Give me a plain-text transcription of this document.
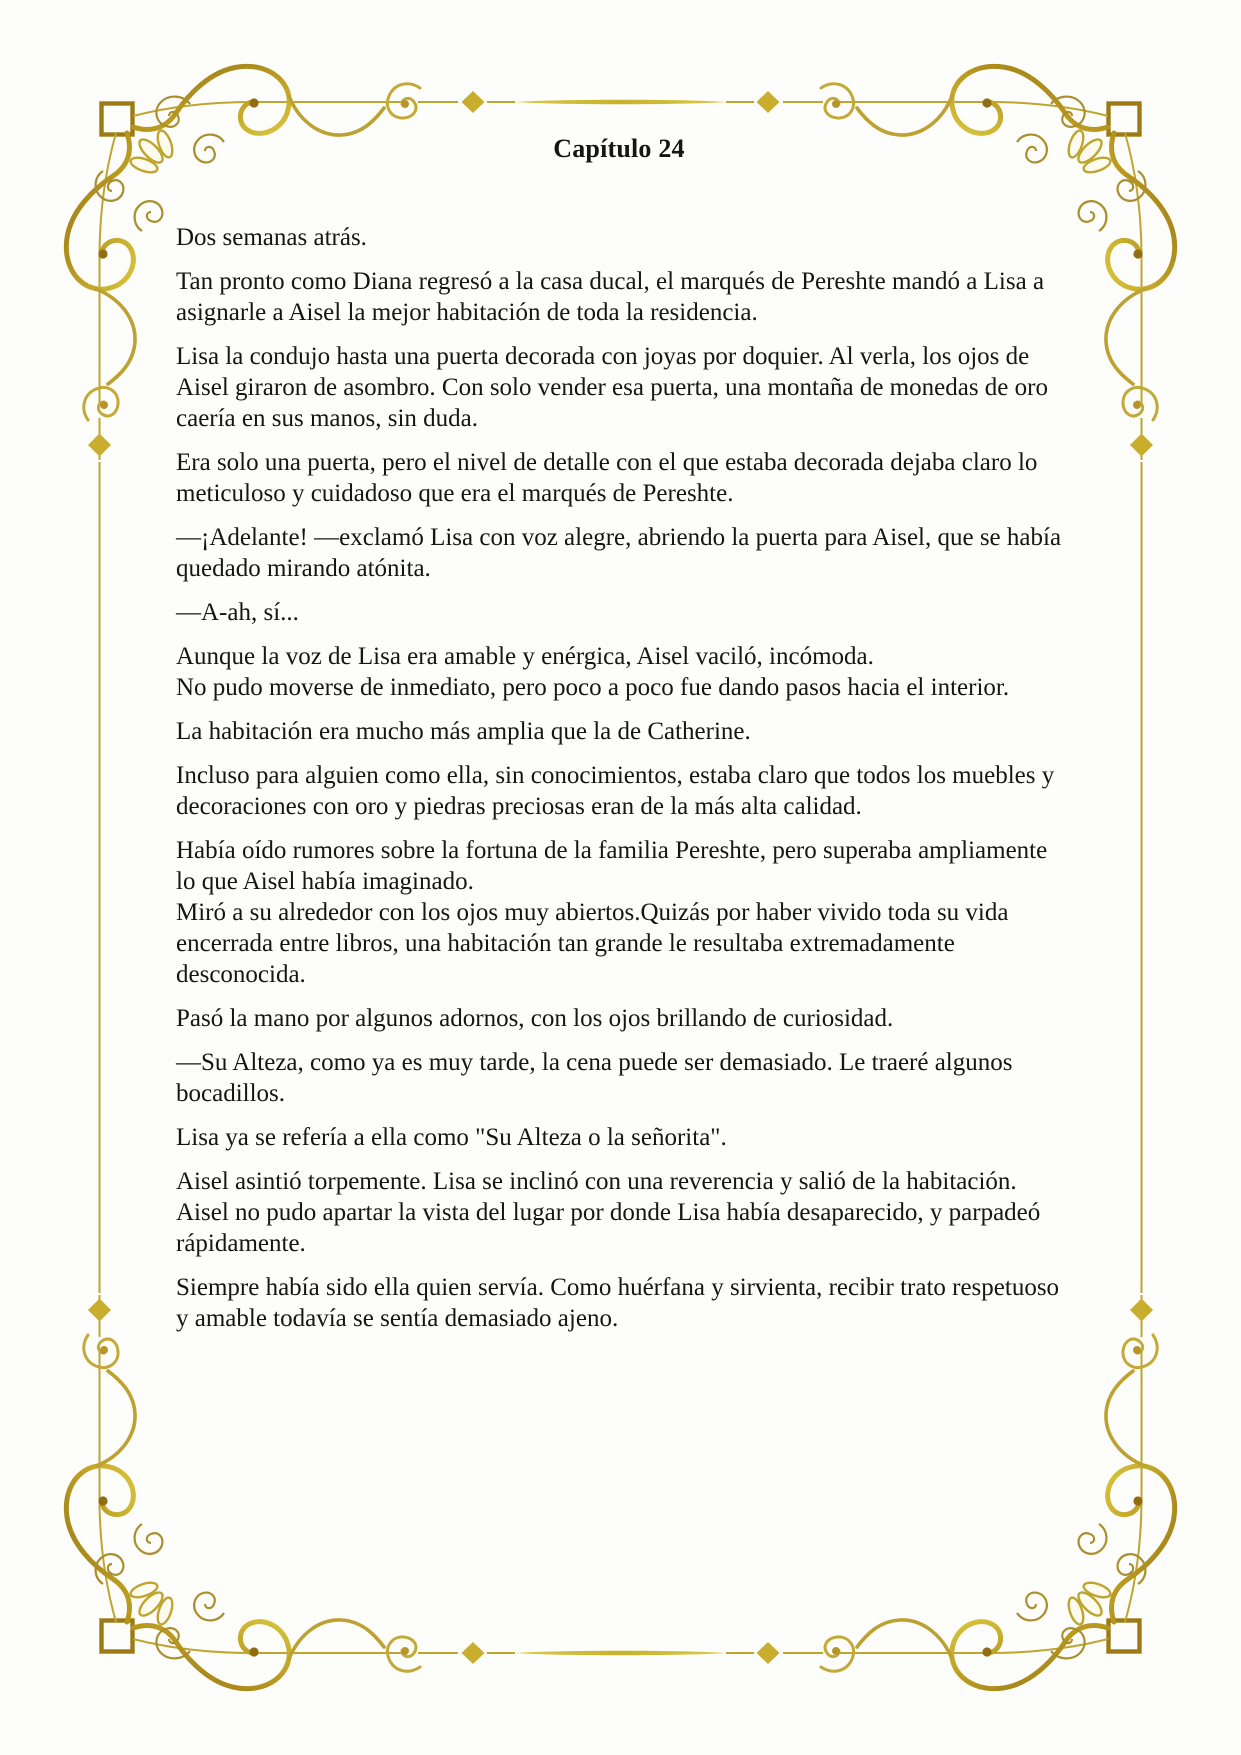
Capítulo 24

Dos semanas atrás.

Tan pronto como Diana regresó a la casa ducal, el marqués de Pereshte mandó a Lisa a asignarle a Aisel la mejor habitación de toda la residencia.

Lisa la condujo hasta una puerta decorada con joyas por doquier. Al verla, los ojos de Aisel giraron de asombro. Con solo vender esa puerta, una montaña de monedas de oro caería en sus manos, sin duda.

Era solo una puerta, pero el nivel de detalle con el que estaba decorada dejaba claro lo meticuloso y cuidadoso que era el marqués de Pereshte.

—¡Adelante! —exclamó Lisa con voz alegre, abriendo la puerta para Aisel, que se había quedado mirando atónita.

—A-ah, sí...

Aunque la voz de Lisa era amable y enérgica, Aisel vaciló, incómoda.
No pudo moverse de inmediato, pero poco a poco fue dando pasos hacia el interior.

La habitación era mucho más amplia que la de Catherine.

Incluso para alguien como ella, sin conocimientos, estaba claro que todos los muebles y decoraciones con oro y piedras preciosas eran de la más alta calidad.

Había oído rumores sobre la fortuna de la familia Pereshte, pero superaba ampliamente lo que Aisel había imaginado.
Miró a su alrededor con los ojos muy abiertos.Quizás por haber vivido toda su vida encerrada entre libros, una habitación tan grande le resultaba extremadamente desconocida.

Pasó la mano por algunos adornos, con los ojos brillando de curiosidad.

—Su Alteza, como ya es muy tarde, la cena puede ser demasiado. Le traeré algunos bocadillos.

Lisa ya se refería a ella como "Su Alteza o la señorita".

Aisel asintió torpemente. Lisa se inclinó con una reverencia y salió de la habitación.
Aisel no pudo apartar la vista del lugar por donde Lisa había desaparecido, y parpadeó rápidamente.

Siempre había sido ella quien servía. Como huérfana y sirvienta, recibir trato respetuoso y amable todavía se sentía demasiado ajeno.
